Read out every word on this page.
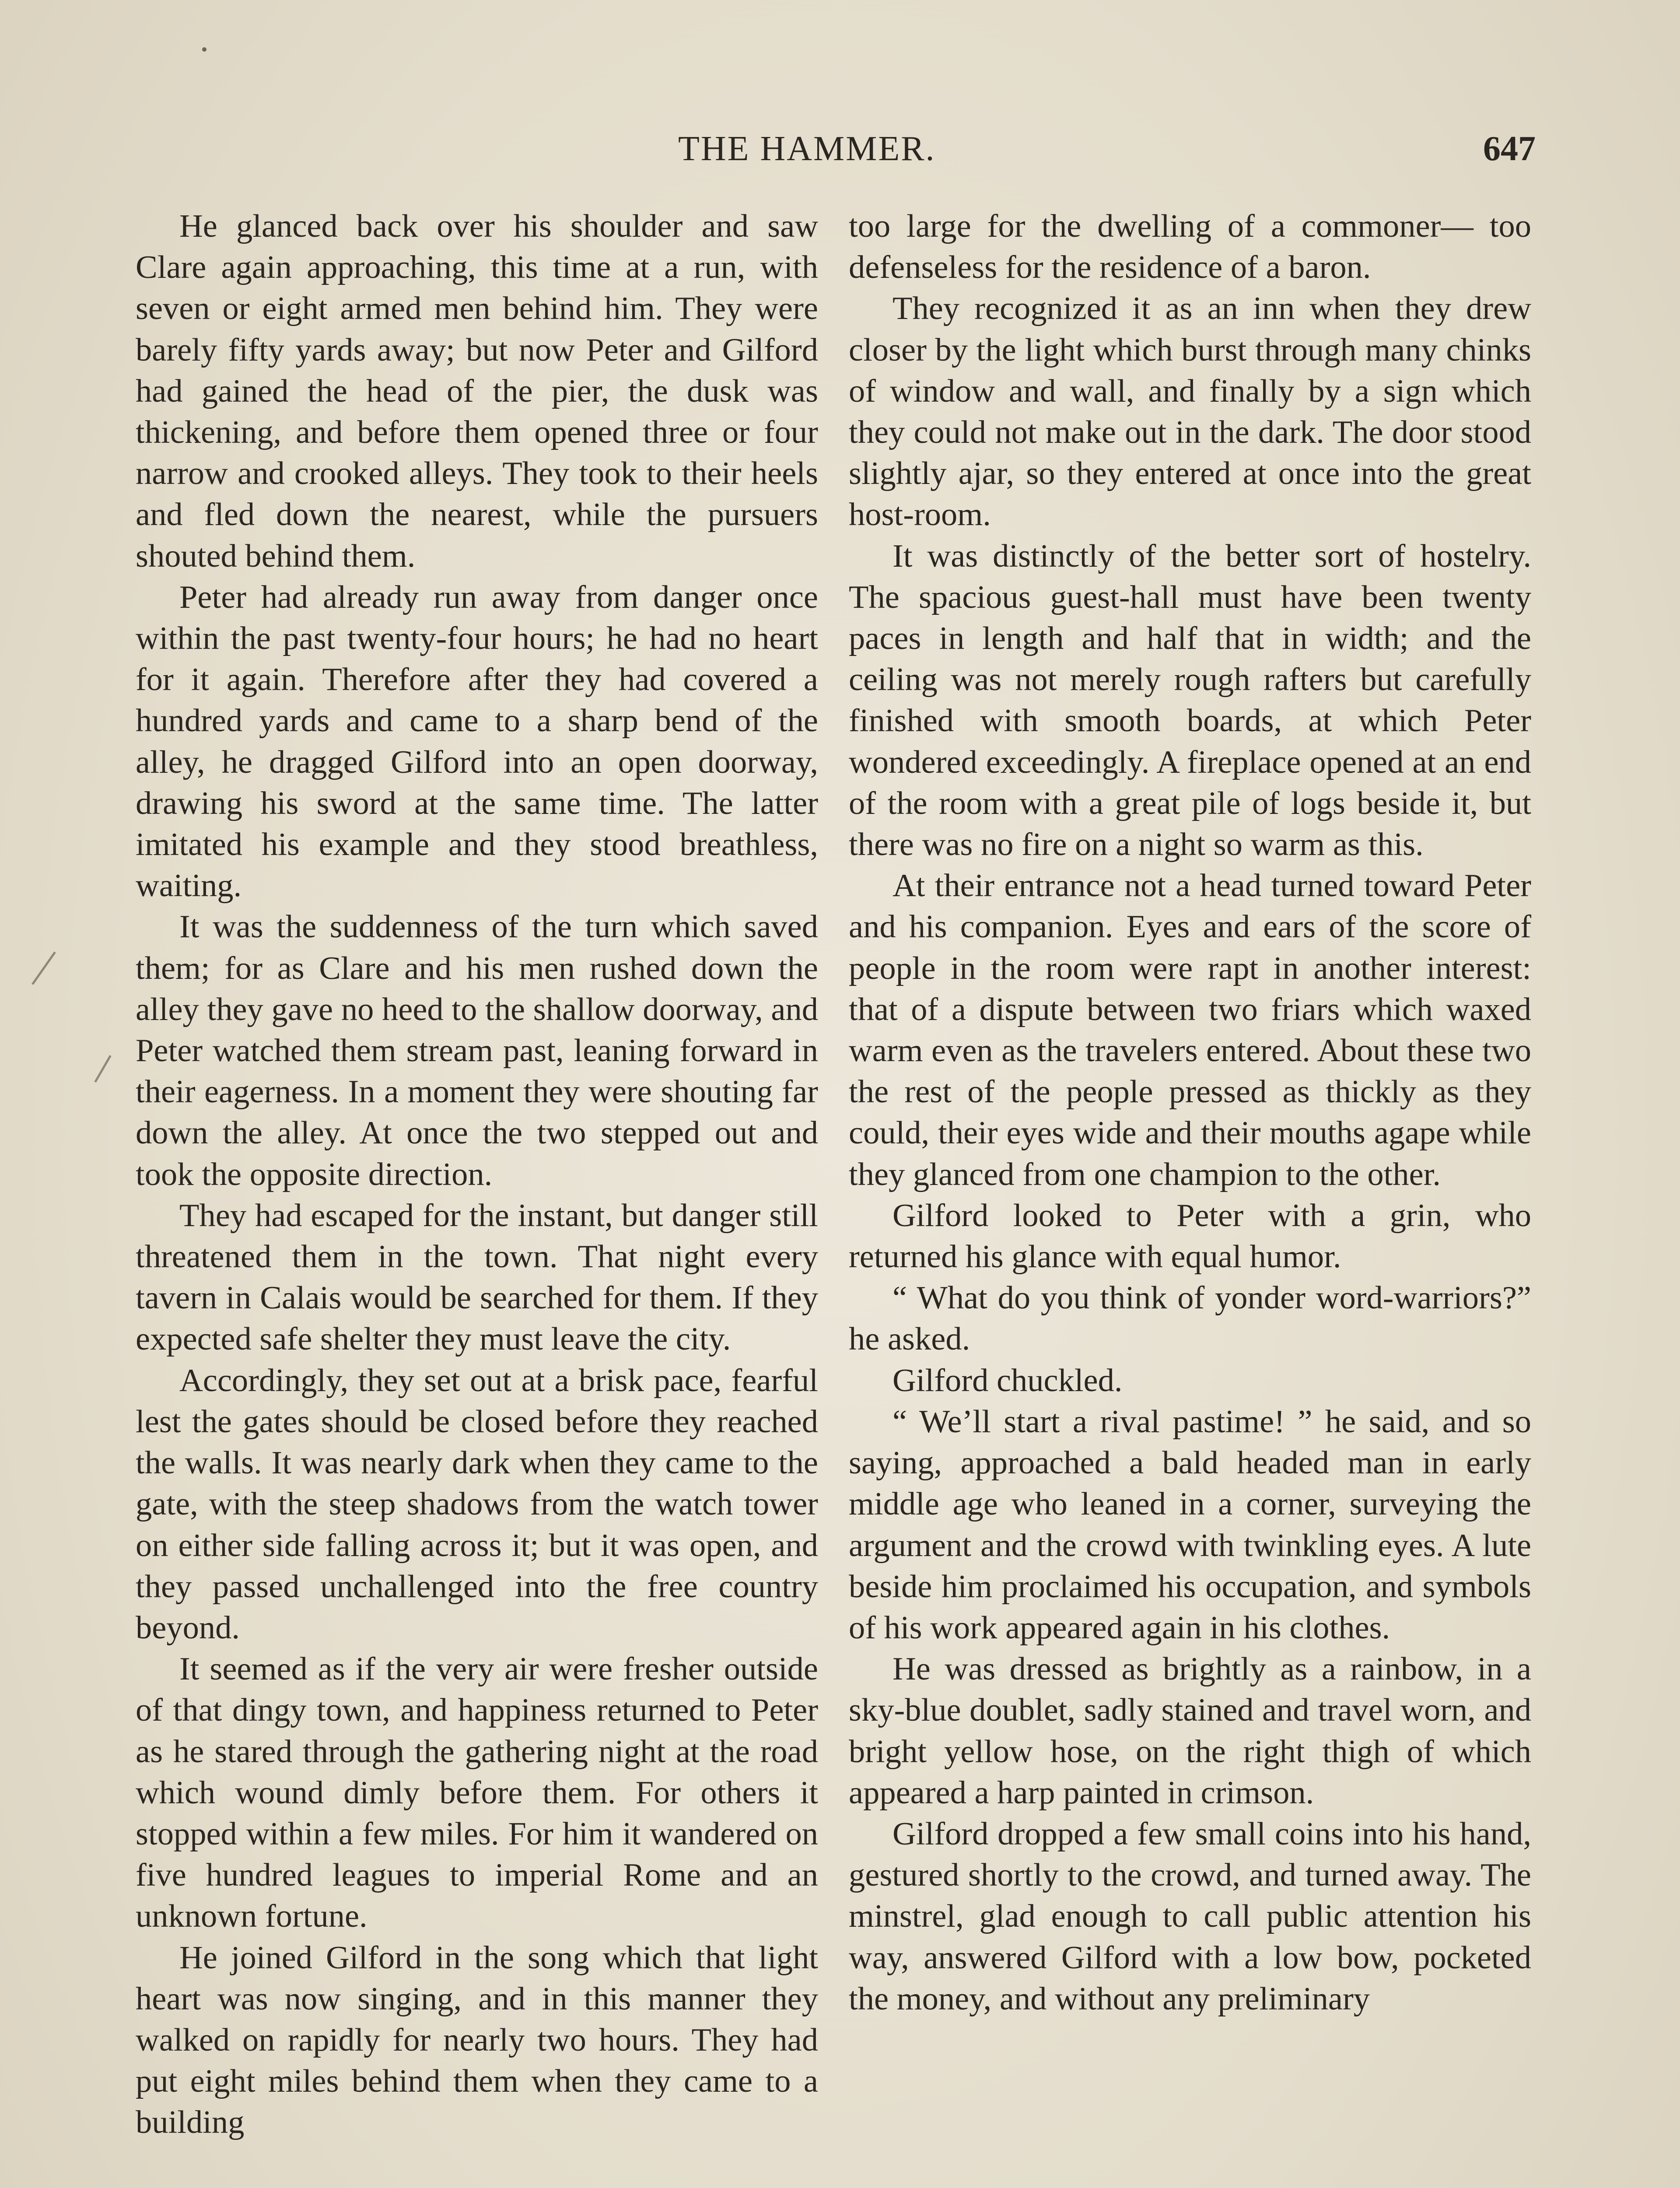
THE HAMMER.	647

He glanced back over his shoulder and saw Clare again approaching, this time at a run, with seven or eight armed men behind him. They were barely fifty yards away; but now Peter and Gilford had gained the head of the pier, the dusk was thickening, and before them opened three or four narrow and crooked alleys. They took to their heels and fled down the nearest, while the pursuers shouted behind them.

Peter had already run away from danger once within the past twenty-four hours; he had no heart for it again. Therefore after they had covered a hundred yards and came to a sharp bend of the alley, he dragged Gilford into an open doorway, drawing his sword at the same time. The latter imitated his example and they stood breathless, waiting.

It was the suddenness of the turn which saved them; for as Clare and his men rushed down the alley they gave no heed to the shallow doorway, and Peter watched them stream past, leaning forward in their eagerness. In a moment they were shouting far down the alley. At once the two stepped out and took the opposite direction.

They had escaped for the instant, but danger still threatened them in the town. That night every tavern in Calais would be searched for them. If they expected safe shelter they must leave the city.

Accordingly, they set out at a brisk pace, fearful lest the gates should be closed before they reached the walls. It was nearly dark when they came to the gate, with the steep shadows from the watch tower on either side falling across it; but it was open, and they passed unchallenged into the free country beyond.

It seemed as if the very air were fresher outside of that dingy town, and happiness returned to Peter as he stared through the gathering night at the road which wound dimly before them. For others it stopped within a few miles. For him it wandered on five hundred leagues to imperial Rome and an unknown fortune.

He joined Gilford in the song which that light heart was now singing, and in this manner they walked on rapidly for nearly two hours. They had put eight miles behind them when they came to a building

too large for the dwelling of a commoner— too defenseless for the residence of a baron.

They recognized it as an inn when they drew closer by the light which burst through many chinks of window and wall, and finally by a sign which they could not make out in the dark. The door stood slightly ajar, so they entered at once into the great host-room.

It was distinctly of the better sort of hostelry. The spacious guest-hall must have been twenty paces in length and half that in width; and the ceiling was not merely rough rafters but carefully finished with smooth boards, at which Peter wondered exceedingly. A fireplace opened at an end of the room with a great pile of logs beside it, but there was no fire on a night so warm as this.

At their entrance not a head turned toward Peter and his companion. Eyes and ears of the score of people in the room were rapt in another interest: that of a dispute between two friars which waxed warm even as the travelers entered. About these two the rest of the people pressed as thickly as they could, their eyes wide and their mouths agape while they glanced from one champion to the other.

Gilford looked to Peter with a grin, who returned his glance with equal humor.

“ What do you think of yonder word-warriors?” he asked.

Gilford chuckled.

“ We’ll start a rival pastime! ” he said, and so saying, approached a bald headed man in early middle age who leaned in a corner, surveying the argument and the crowd with twinkling eyes. A lute beside him proclaimed his occupation, and symbols of his work appeared again in his clothes.

He was dressed as brightly as a rainbow, in a sky-blue doublet, sadly stained and travel worn, and bright yellow hose, on the right thigh of which appeared a harp painted in crimson.

Gilford dropped a few small coins into his hand, gestured shortly to the crowd, and turned away. The minstrel, glad enough to call public attention his way, answered Gilford with a low bow, pocketed the money, and without any preliminary
